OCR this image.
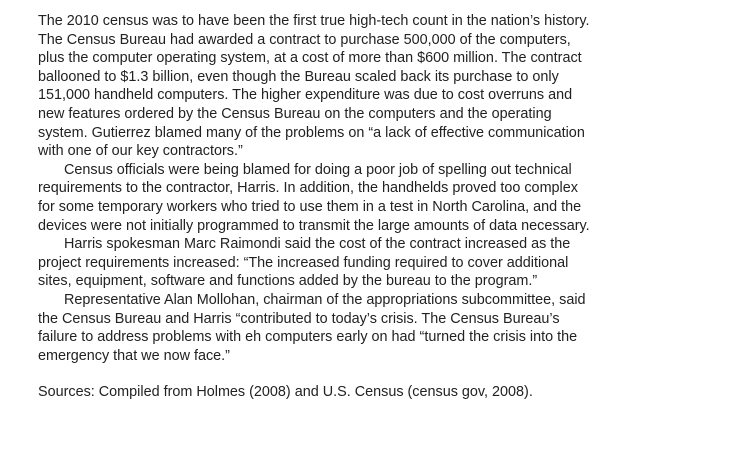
The 2010 census was to have been the first true high-tech count in the nation’s history.
The Census Bureau had awarded a contract to purchase 500,000 of the computers,
plus the computer operating system, at a cost of more than $600 million. The contract
ballooned to $1.3 billion, even though the Bureau scaled back its purchase to only
151,000 handheld computers. The higher expenditure was due to cost overruns and
new features ordered by the Census Bureau on the computers and the operating
system. Gutierrez blamed many of the problems on “a lack of effective communication
with one of our key contractors.”
Census officials were being blamed for doing a poor job of spelling out technical
requirements to the contractor, Harris. In addition, the handhelds proved too complex
for some temporary workers who tried to use them in a test in North Carolina, and the
devices were not initially programmed to transmit the large amounts of data necessary.
Harris spokesman Marc Raimondi said the cost of the contract increased as the
project requirements increased: “The increased funding required to cover additional
sites, equipment, software and functions added by the bureau to the program.”
Representative Alan Mollohan, chairman of the appropriations subcommittee, said
the Census Bureau and Harris “contributed to today’s crisis. The Census Bureau’s
failure to address problems with eh computers early on had “turned the crisis into the
emergency that we now face.”
Sources: Compiled from Holmes (2008) and U.S. Census (census gov, 2008).
